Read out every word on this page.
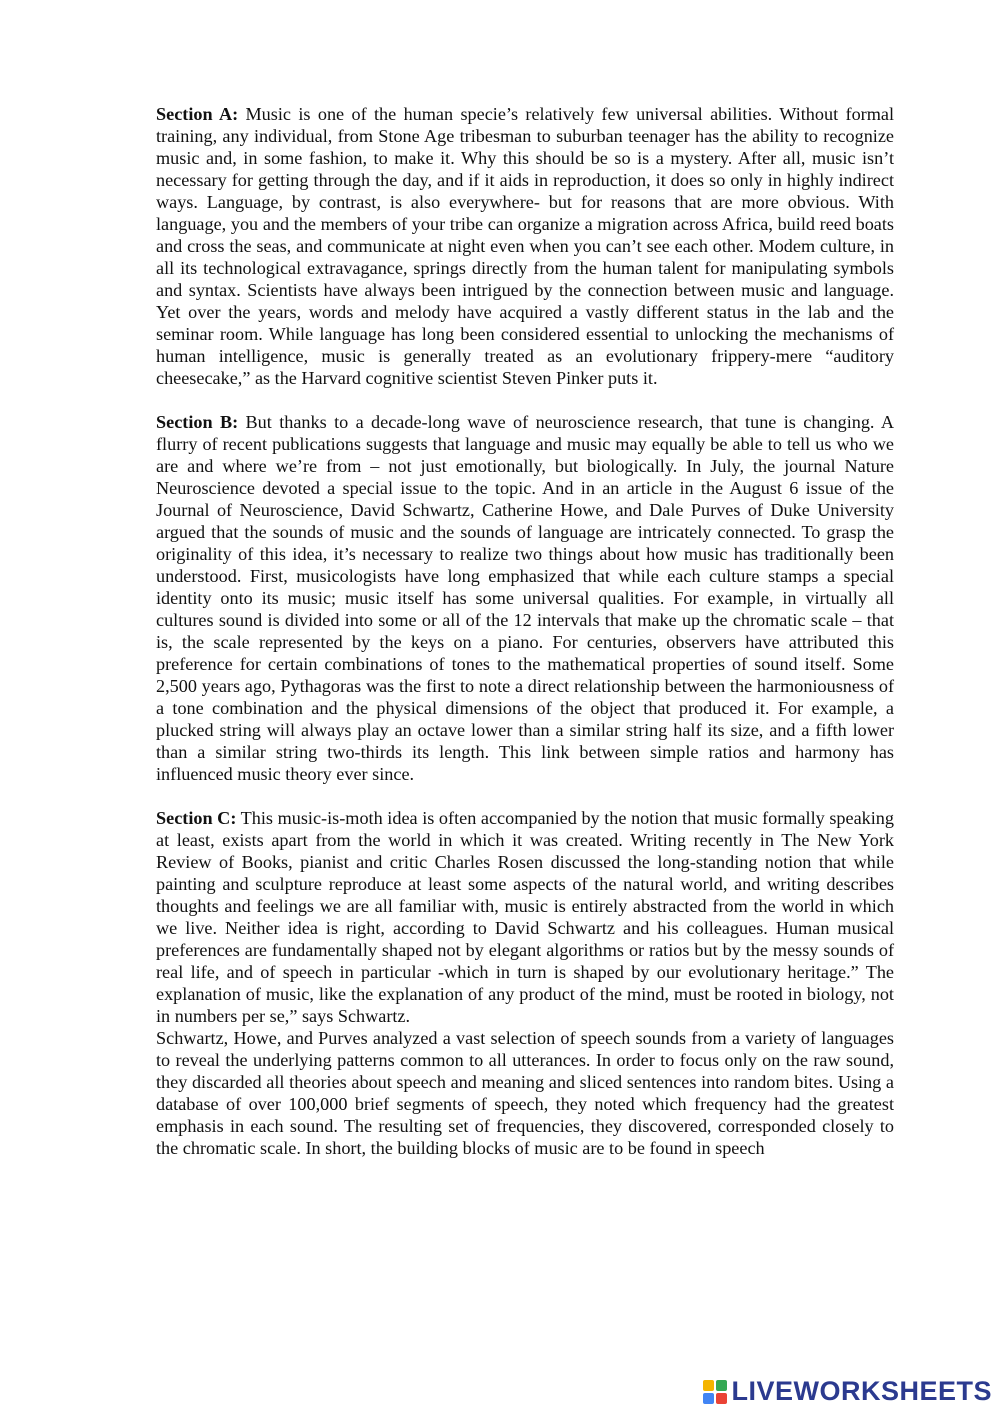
Section A: Music is one of the human specie’s relatively few universal abilities. Without formal training, any individual, from Stone Age tribesman to suburban teenager has the ability to recognize music and, in some fashion, to make it. Why this should be so is a mystery. After all, music isn’t necessary for getting through the day, and if it aids in reproduction, it does so only in highly indirect ways. Language, by contrast, is also everywhere- but for reasons that are more obvious. With language, you and the members of your tribe can organize a migration across Africa, build reed boats and cross the seas, and communicate at night even when you can’t see each other. Modem culture, in all its technological extravagance, springs directly from the human talent for manipulating symbols and syntax. Scientists have always been intrigued by the connection between music and language. Yet over the years, words and melody have acquired a vastly different status in the lab and the seminar room. While language has long been considered essential to unlocking the mechanisms of human intelligence, music is generally treated as an evolutionary frippery-mere “auditory cheesecake,” as the Harvard cognitive scientist Steven Pinker puts it.

Section B: But thanks to a decade-long wave of neuroscience research, that tune is changing. A flurry of recent publications suggests that language and music may equally be able to tell us who we are and where we’re from – not just emotionally, but biologically. In July, the journal Nature Neuroscience devoted a special issue to the topic. And in an article in the August 6 issue of the Journal of Neuroscience, David Schwartz, Catherine Howe, and Dale Purves of Duke University argued that the sounds of music and the sounds of language are intricately connected. To grasp the originality of this idea, it’s necessary to realize two things about how music has traditionally been understood. First, musicologists have long emphasized that while each culture stamps a special identity onto its music; music itself has some universal qualities. For example, in virtually all cultures sound is divided into some or all of the 12 intervals that make up the chromatic scale – that is, the scale represented by the keys on a piano. For centuries, observers have attributed this preference for certain combinations of tones to the mathematical properties of sound itself. Some 2,500 years ago, Pythagoras was the first to note a direct relationship between the harmoniousness of a tone combination and the physical dimensions of the object that produced it. For example, a plucked string will always play an octave lower than a similar string half its size, and a fifth lower than a similar string two-thirds its length. This link between simple ratios and harmony has influenced music theory ever since.

Section C: This music-is-moth idea is often accompanied by the notion that music formally speaking at least, exists apart from the world in which it was created. Writing recently in The New York Review of Books, pianist and critic Charles Rosen discussed the long-standing notion that while painting and sculpture reproduce at least some aspects of the natural world, and writing describes thoughts and feelings we are all familiar with, music is entirely abstracted from the world in which we live. Neither idea is right, according to David Schwartz and his colleagues. Human musical preferences are fundamentally shaped not by elegant algorithms or ratios but by the messy sounds of real life, and of speech in particular -which in turn is shaped by our evolutionary heritage.” The explanation of music, like the explanation of any product of the mind, must be rooted in biology, not in numbers per se,” says Schwartz.

Schwartz, Howe, and Purves analyzed a vast selection of speech sounds from a variety of languages to reveal the underlying patterns common to all utterances. In order to focus only on the raw sound, they discarded all theories about speech and meaning and sliced sentences into random bites. Using a database of over 100,000 brief segments of speech, they noted which frequency had the greatest emphasis in each sound. The resulting set of frequencies, they discovered, corresponded closely to the chromatic scale. In short, the building blocks of music are to be found in speech

LIVEWORKSHEETS
